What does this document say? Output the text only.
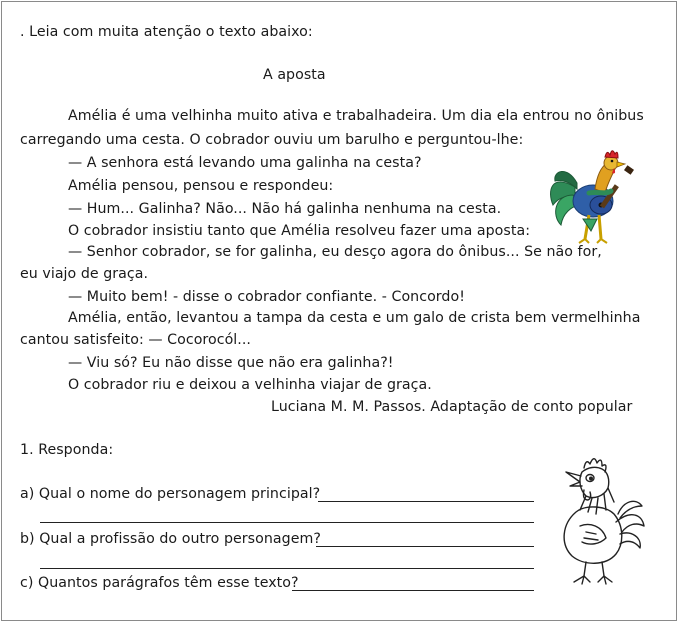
. Leia com muita atenção o texto abaixo:
A aposta
Amélia é uma velhinha muito ativa e trabalhadeira. Um dia ela entrou no ônibus
carregando uma cesta. O cobrador ouviu um barulho e perguntou-lhe:
— A senhora está levando uma galinha na cesta?
Amélia pensou, pensou e respondeu:
— Hum... Galinha? Não... Não há galinha nenhuma na cesta.
O cobrador insistiu tanto que Amélia resolveu fazer uma aposta:
— Senhor cobrador, se for galinha, eu desço agora do ônibus... Se não for,
eu viajo de graça.
— Muito bem! - disse o cobrador confiante. - Concordo!
Amélia, então, levantou a tampa da cesta e um galo de crista bem vermelhinha
cantou satisfeito: — Cocorocól...
— Viu só? Eu não disse que não era galinha?!
O cobrador riu e deixou a velhinha viajar de graça.
Luciana M. M. Passos. Adaptação de conto popular
1. Responda:
a) Qual o nome do personagem principal?
b) Qual a profissão do outro personagem?
c) Quantos parágrafos têm esse texto?
